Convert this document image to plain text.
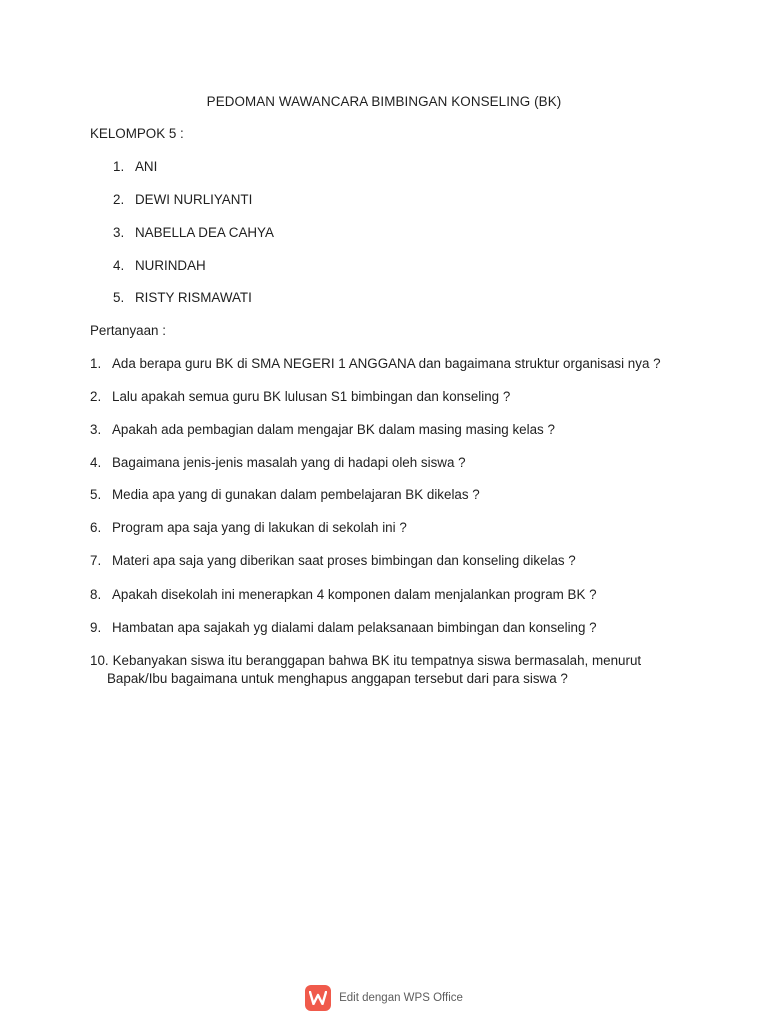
PEDOMAN WAWANCARA BIMBINGAN KONSELING (BK)
KELOMPOK 5 :
1. ANI
2. DEWI NURLIYANTI
3. NABELLA DEA CAHYA
4. NURINDAH
5. RISTY RISMAWATI
Pertanyaan :
1. Ada berapa guru BK di SMA NEGERI 1 ANGGANA dan bagaimana struktur organisasi nya ?
2. Lalu apakah semua guru BK lulusan S1 bimbingan dan konseling ?
3. Apakah ada pembagian dalam mengajar BK dalam masing masing kelas ?
4. Bagaimana jenis-jenis masalah yang di hadapi oleh siswa ?
5. Media apa yang di gunakan dalam pembelajaran BK dikelas ?
6. Program apa saja yang di lakukan di sekolah ini ?
7. Materi apa saja yang diberikan saat proses bimbingan dan konseling dikelas ?
8. Apakah disekolah ini menerapkan 4 komponen dalam menjalankan program BK ?
9. Hambatan apa sajakah yg dialami dalam pelaksanaan bimbingan dan konseling ?
10. Kebanyakan siswa itu beranggapan bahwa BK itu tempatnya siswa bermasalah, menurut
Bapak/Ibu bagaimana untuk menghapus anggapan tersebut dari para siswa ?
Edit dengan WPS Office
